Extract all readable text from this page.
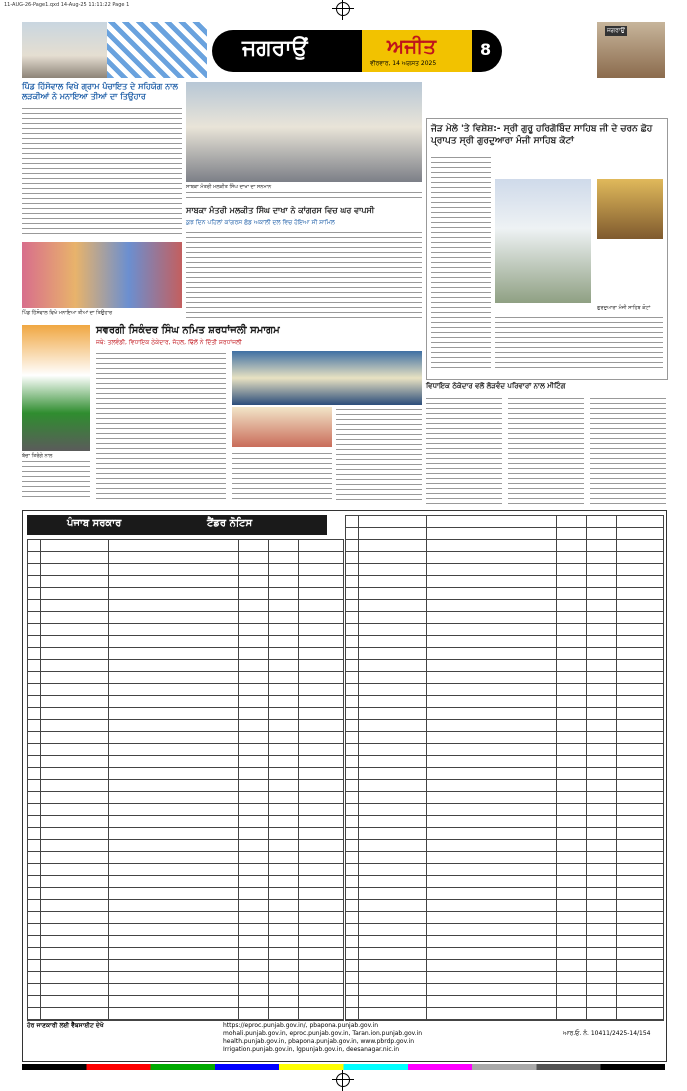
11-AUG-26-Page1.qxd 14-Aug-25 11:11:22 Page 1
ਜਗਰਾਉਂ	ਅਜੀਤ
ਵੀਰਵਾਰ, 14 ਅਗਸਤ 2025
8
ਜਗਰਾਉਂ
ਪਿੰਡ ਹਿੱਸੋਵਾਲ ਵਿਖੇ ਗ੍ਰਾਮ ਪੰਚਾਇਤ ਦੇ ਸਹਿਯੋਗ ਨਾਲ ਲੜਕੀਆਂ ਨੇ ਮਨਾਇਆ ਤੀਆਂ ਦਾ ਤਿਉਹਾਰ
ਪਿੰਡ ਹਿੱਸੋਵਾਲ ਵਿਖੇ ਮਨਾਇਆ ਤੀਆਂ ਦਾ ਤਿਉਹਾਰ
ਸਾਬਕਾ ਮੰਤਰੀ ਮਲਕੀਤ ਸਿੰਘ ਦਾਖਾ ਦਾ ਸਨਮਾਨ
ਸਾਬਕਾ ਮੰਤਰੀ ਮਲਕੀਤ ਸਿੰਘ ਦਾਖਾ ਨੇ ਕਾਂਗਰਸ ਵਿਚ ਘਰ ਵਾਪਸੀ
ਕੁਝ ਦਿਨ ਪਹਿਲਾਂ ਕਾਂਗਰਸ ਛੱਡ ਅਕਾਲੀ ਦਲ ਵਿਚ ਹੋਇਆ ਸੀ ਸ਼ਾਮਿਲ
ਜੋੜ ਮੇਲੇ 'ਤੇ ਵਿਸ਼ੇਸ਼:- ਸ੍ਰੀ ਗੁਰੂ ਹਰਿਗੋਬਿੰਦ ਸਾਹਿਬ ਜੀ ਦੇ ਚਰਨ ਛੋਹ ਪ੍ਰਾਪਤ ਸ੍ਰੀ ਗੁਰਦੁਆਰਾ ਮੰਜੀ ਸਾਹਿਬ ਕੋਟਾਂ
ਗੁਰਦੁਆਰਾ ਮੰਜੀ ਸਾਹਿਬ ਕੋਟਾਂ
ਬੱਚਾ ਤਿਰੰਗੇ ਨਾਲ
ਸਵਰਗੀ ਸਿਕੰਦਰ ਸਿੰਘ ਨਮਿਤ ਸ਼ਰਧਾਂਜਲੀ ਸਮਾਗਮ
ਜਥੇ: ਤਲਵੰਡੀ, ਵਿਧਾਇਕ ਠੇਕੇਦਾਰ, ਜੋਹਲ, ਢਿੱਲੋਂ ਨੇ ਦਿੱਤੀ ਸ਼ਰਧਾਂਜਲੀ
ਵਿਧਾਇਕ ਠੇਕੇਦਾਰ ਵਲੋਂ ਲੋੜਵੰਦ ਪਰਿਵਾਰਾਂ ਨਾਲ ਮੀਟਿੰਗ
ਪੰਜਾਬ ਸਰਕਾਰ	ਟੈਂਡਰ ਨੋਟਿਸ
ਹੋਰ ਜਾਣਕਾਰੀ ਲਈ ਵੈੱਬਸਾਈਟ ਦੇਖੋ	https://eproc.punjab.gov.in/, pbapona.punjab.gov.in
mohali.punjab.gov.in, eproc.punjab.gov.in, Taran.ion.punjab.gov.in
health.punjab.gov.in, pbapona.punjab.gov.in, www.pbrdp.gov.in
Irrigation.punjab.gov.in, lgpunjab.gov.in, deesanagar.nic.in
ਆਰ.ਓ. ਨੰ. 10411/2425-14/154
